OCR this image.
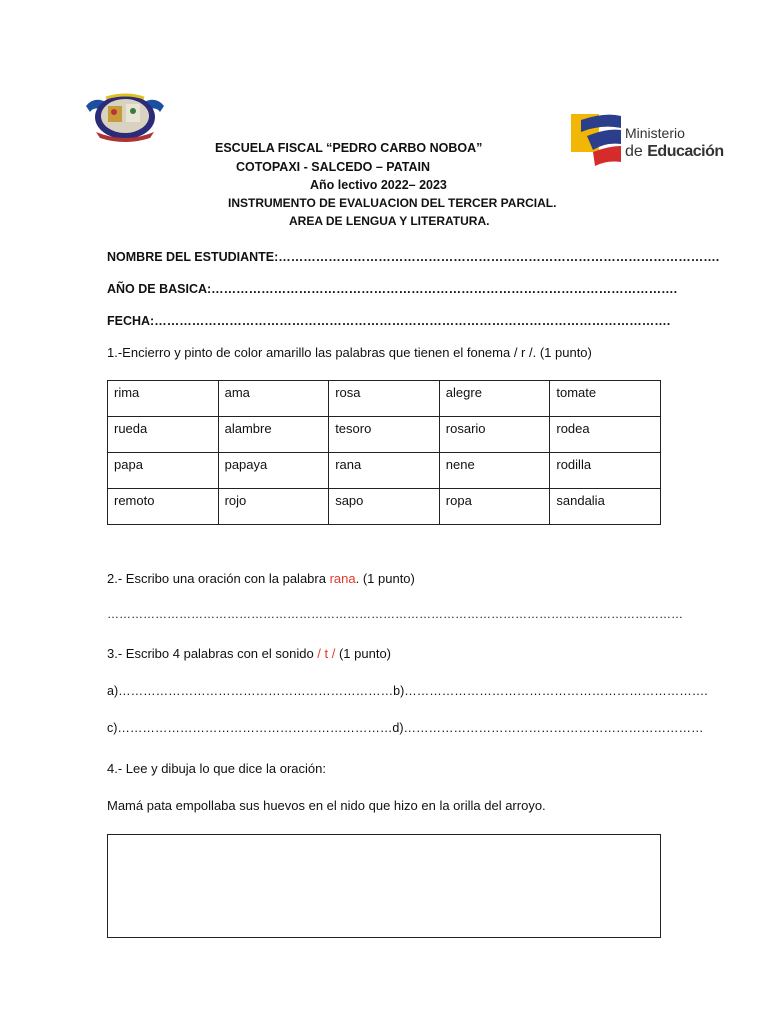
Ministerio
de Educación
ESCUELA FISCAL “PEDRO CARBO NOBOA”
COTOPAXI - SALCEDO – PATAIN
Año lectivo 2022– 2023
INSTRUMENTO DE EVALUACION DEL TERCER PARCIAL.
AREA DE LENGUA Y LITERATURA.
NOMBRE DEL ESTUDIANTE:…………………………………………………………………………………………….
AÑO DE BASICA:………………………………………………………………………………………………….
FECHA:…………………………………………………………………………………………………………….
1.-Encierro y pinto de color amarillo las palabras que tienen el fonema / r /. (1 punto)
rima	ama	rosa	alegre	tomate
rueda	alambre	tesoro	rosario	rodea
papa	papaya	rana	nene	rodilla
remoto	rojo	sapo	ropa	sandalia
2.- Escribo una oración con la palabra rana. (1 punto)
………………………………………………………………………………………………………………………………
3.- Escribo 4 palabras con el sonido / t / (1 punto)
a)…………………………………………………………b)……………………………………………………………….
c)…………………………………………………………d)………………………………………………………………
4.- Lee y dibuja lo que dice la oración:
Mamá pata empollaba sus huevos en el nido que hizo en la orilla del arroyo.
